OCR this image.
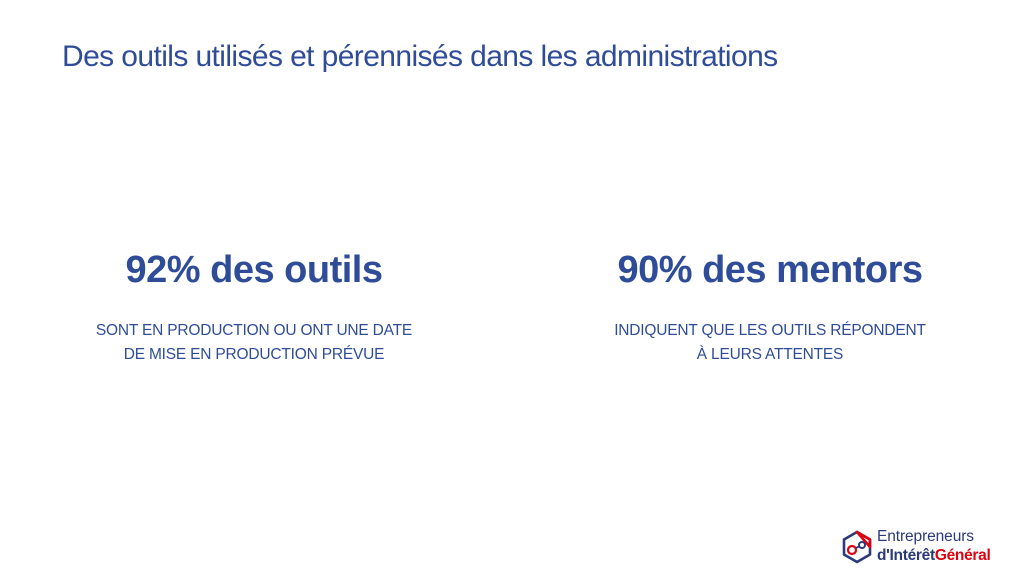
Des outils utilisés et pérennisés dans les administrations
92% des outils
SONT EN PRODUCTION OU ONT UNE DATE
DE MISE EN PRODUCTION PRÉVUE
90% des mentors
INDIQUENT QUE LES OUTILS RÉPONDENT
À LEURS ATTENTES
Entrepreneurs
d'IntérêtGénéral
